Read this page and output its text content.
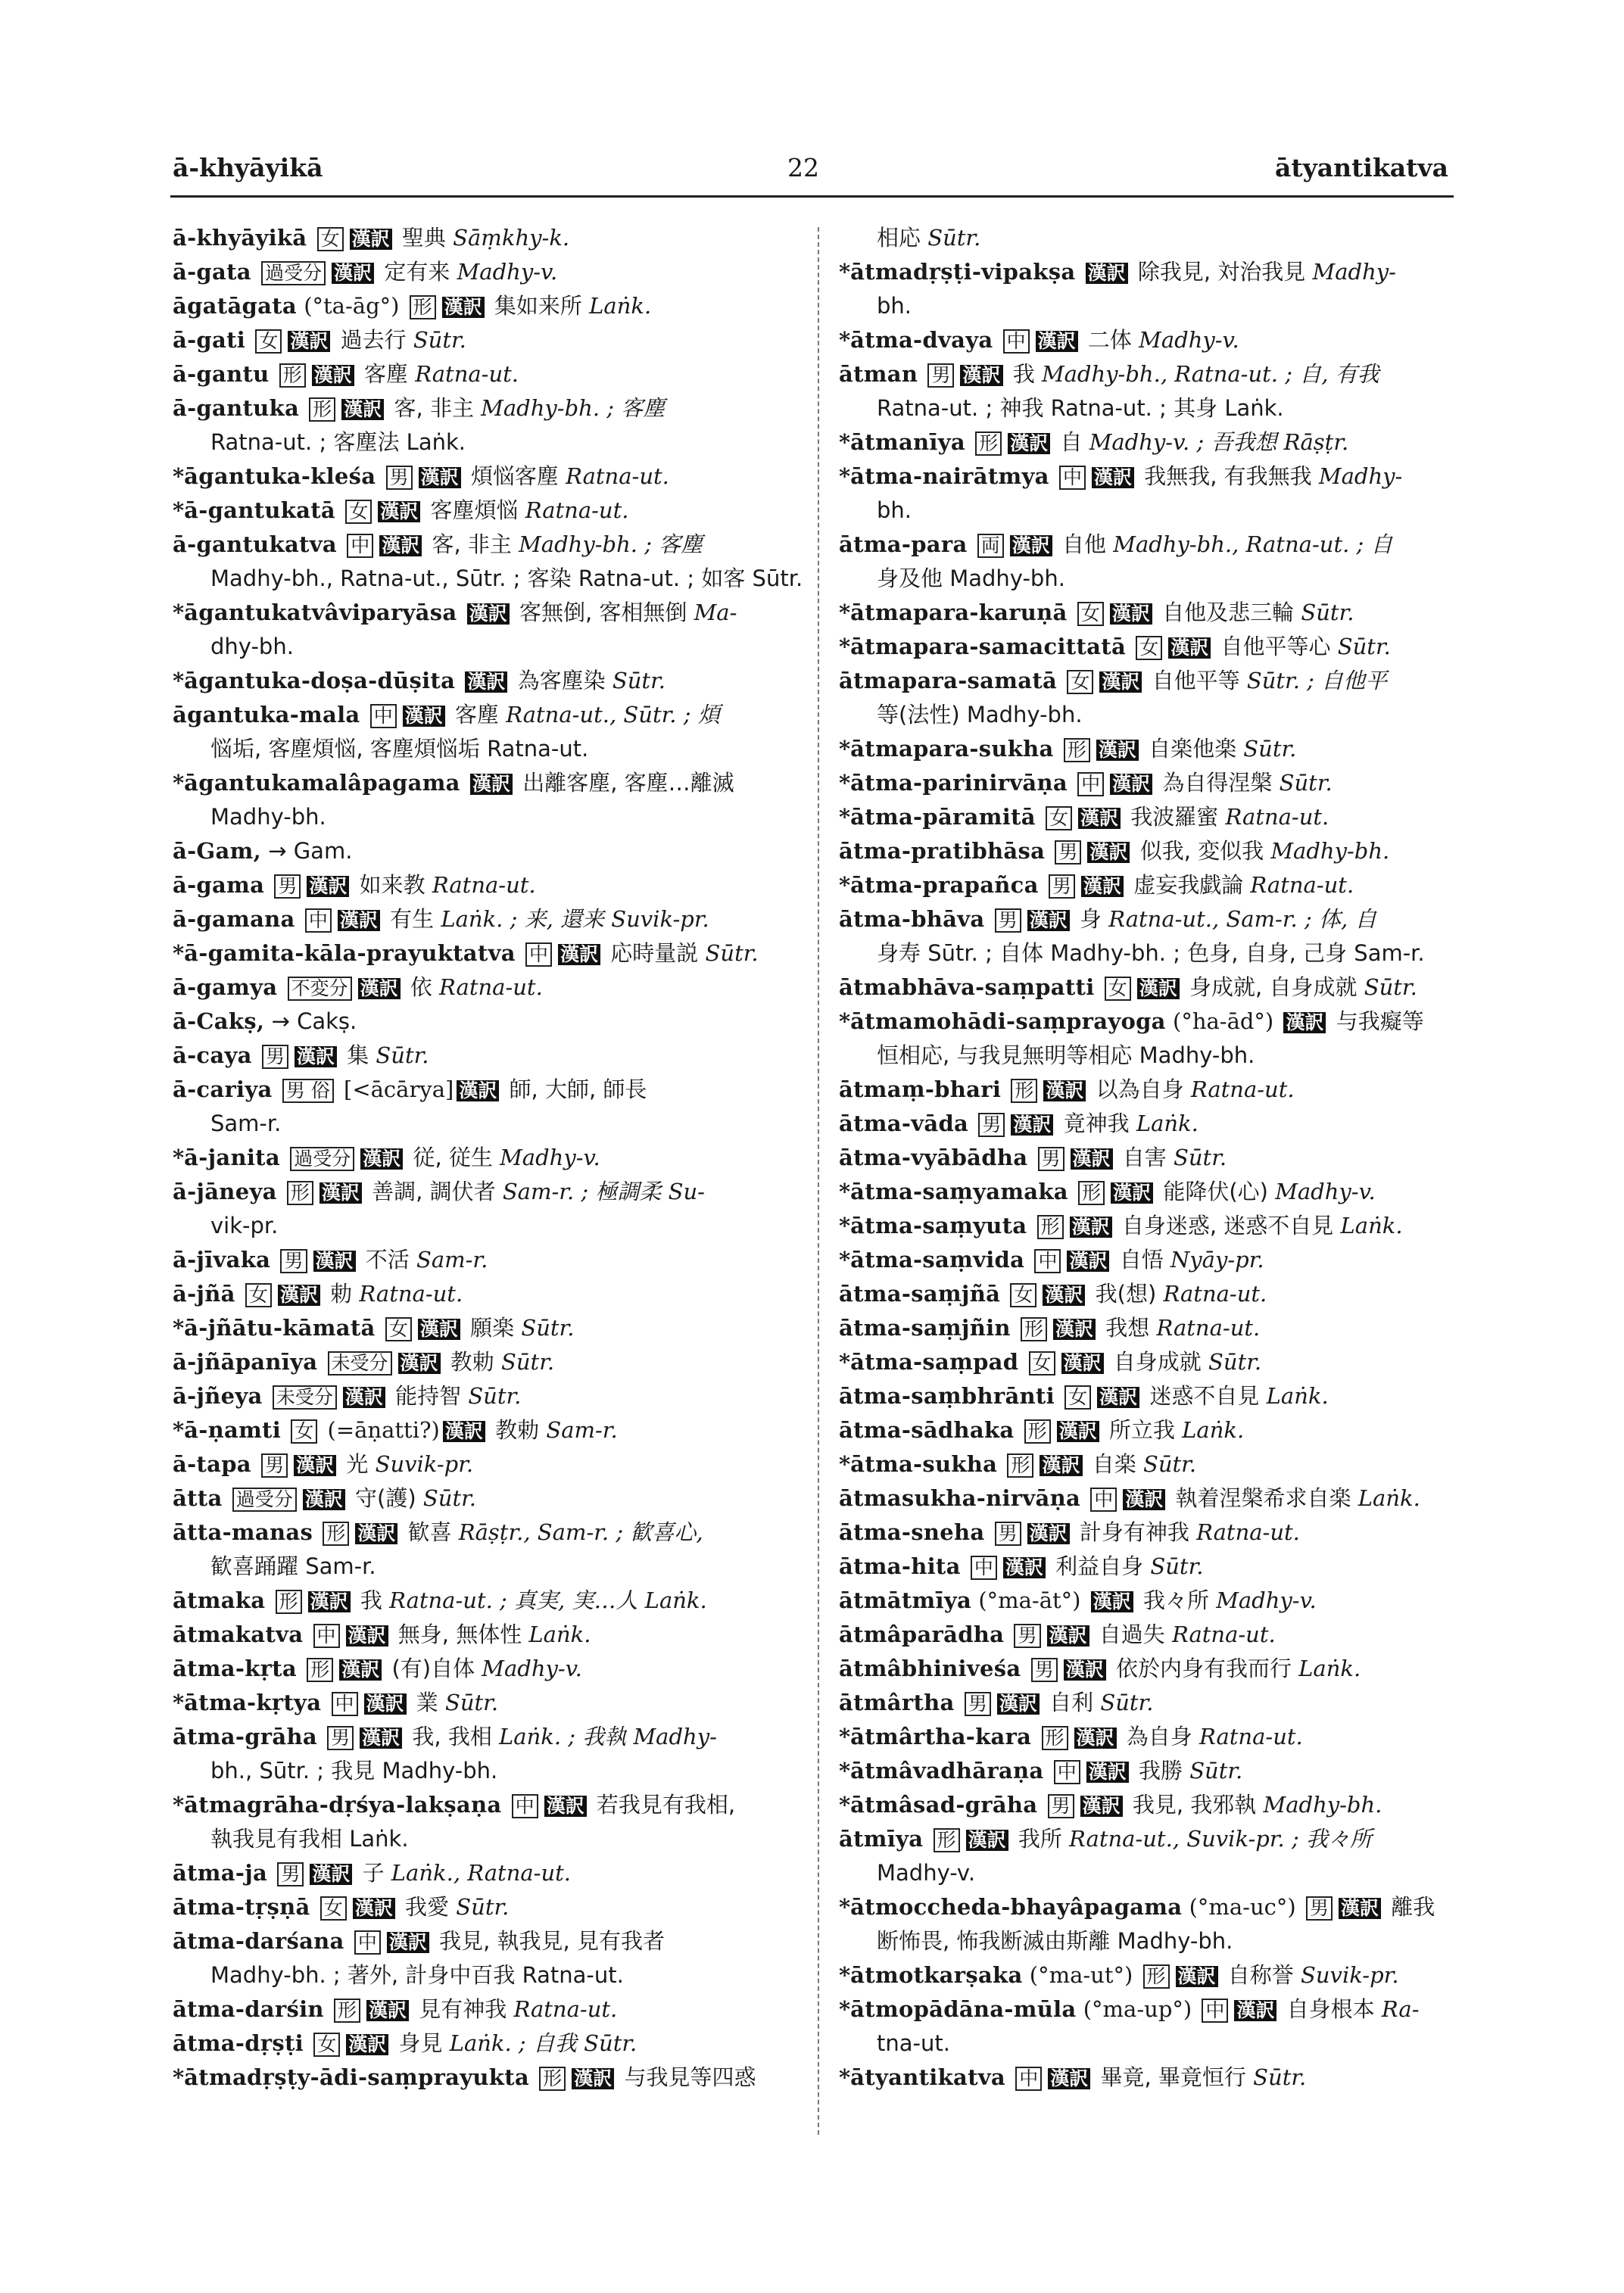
ā-khyāyikā	22	ātyantikatva
ā-khyāyikā 女 漢訳 聖典 Sāṃkhy-k.
ā-gata 過受分 漢訳 定有来 Madhy-v.
āgatāgata (°ta-āg°) 形 漢訳 集如来所 Laṅk.
ā-gati 女 漢訳 過去行 Sūtr.
ā-gantu 形 漢訳 客塵 Ratna-ut.
ā-gantuka 形 漢訳 客, 非主 Madhy-bh. ; 客塵
Ratna-ut. ; 客塵法 Laṅk.
*āgantuka-kleśa 男 漢訳 煩悩客塵 Ratna-ut.
*ā-gantukatā 女 漢訳 客塵煩悩 Ratna-ut.
ā-gantukatva 中 漢訳 客, 非主 Madhy-bh. ; 客塵
Madhy-bh., Ratna-ut., Sūtr. ; 客染 Ratna-ut. ; 如客 Sūtr.
*āgantukatvâviparyāsa 漢訳 客無倒, 客相無倒 Ma-
dhy-bh.
*āgantuka-doṣa-dūṣita 漢訳 為客塵染 Sūtr.
āgantuka-mala 中 漢訳 客塵 Ratna-ut., Sūtr. ; 煩
悩垢, 客塵煩悩, 客塵煩悩垢 Ratna-ut.
*āgantukamalâpagama 漢訳 出離客塵, 客塵…離滅
Madhy-bh.
ā-Gam, → Gam.
ā-gama 男 漢訳 如来教 Ratna-ut.
ā-gamana 中 漢訳 有生 Laṅk. ; 来, 還来 Suvik-pr.
*ā-gamita-kāla-prayuktatva 中 漢訳 応時量説 Sūtr.
ā-gamya 不変分 漢訳 依 Ratna-ut.
ā-Cakṣ, → Cakṣ.
ā-caya 男 漢訳 集 Sūtr.
ā-cariya 男 俗 [<ācārya] 漢訳 師, 大師, 師長
Sam-r.
*ā-janita 過受分 漢訳 従, 従生 Madhy-v.
ā-jāneya 形 漢訳 善調, 調伏者 Sam-r. ; 極調柔 Su-
vik-pr.
ā-jīvaka 男 漢訳 不活 Sam-r.
ā-jñā 女 漢訳 勅 Ratna-ut.
*ā-jñātu-kāmatā 女 漢訳 願楽 Sūtr.
ā-jñāpanīya 未受分 漢訳 教勅 Sūtr.
ā-jñeya 未受分 漢訳 能持智 Sūtr.
*ā-ṇamti 女 (=āṇatti?) 漢訳 教勅 Sam-r.
ā-tapa 男 漢訳 光 Suvik-pr.
ātta 過受分 漢訳 守(護) Sūtr.
ātta-manas 形 漢訳 歓喜 Rāṣṭr., Sam-r. ; 歓喜心,
歓喜踊躍 Sam-r.
ātmaka 形 漢訳 我 Ratna-ut. ; 真実, 実…人 Laṅk.
ātmakatva 中 漢訳 無身, 無体性 Laṅk.
ātma-kṛta 形 漢訳 (有)自体 Madhy-v.
*ātma-kṛtya 中 漢訳 業 Sūtr.
ātma-grāha 男 漢訳 我, 我相 Laṅk. ; 我執 Madhy-
bh., Sūtr. ; 我見 Madhy-bh.
*ātmagrāha-dṛśya-lakṣaṇa 中 漢訳 若我見有我相,
執我見有我相 Laṅk.
ātma-ja 男 漢訳 子 Laṅk., Ratna-ut.
ātma-tṛṣṇā 女 漢訳 我愛 Sūtr.
ātma-darśana 中 漢訳 我見, 執我見, 見有我者
Madhy-bh. ; 著外, 計身中百我 Ratna-ut.
ātma-darśin 形 漢訳 見有神我 Ratna-ut.
ātma-dṛṣṭi 女 漢訳 身見 Laṅk. ; 自我 Sūtr.
*ātmadṛṣṭy-ādi-saṃprayukta 形 漢訳 与我見等四惑
相応 Sūtr.
*ātmadṛṣṭi-vipakṣa 漢訳 除我見, 対治我見 Madhy-
bh.
*ātma-dvaya 中 漢訳 二体 Madhy-v.
ātman 男 漢訳 我 Madhy-bh., Ratna-ut. ; 自, 有我
Ratna-ut. ; 神我 Ratna-ut. ; 其身 Laṅk.
*ātmanīya 形 漢訳 自 Madhy-v. ; 吾我想 Rāṣṭr.
*ātma-nairātmya 中 漢訳 我無我, 有我無我 Madhy-
bh.
ātma-para 両 漢訳 自他 Madhy-bh., Ratna-ut. ; 自
身及他 Madhy-bh.
*ātmapara-karuṇā 女 漢訳 自他及悲三輪 Sūtr.
*ātmapara-samacittatā 女 漢訳 自他平等心 Sūtr.
ātmapara-samatā 女 漢訳 自他平等 Sūtr. ; 自他平
等(法性) Madhy-bh.
*ātmapara-sukha 形 漢訳 自楽他楽 Sūtr.
*ātma-parinirvāṇa 中 漢訳 為自得涅槃 Sūtr.
*ātma-pāramitā 女 漢訳 我波羅蜜 Ratna-ut.
ātma-pratibhāsa 男 漢訳 似我, 変似我 Madhy-bh.
*ātma-prapañca 男 漢訳 虚妄我戯論 Ratna-ut.
ātma-bhāva 男 漢訳 身 Ratna-ut., Sam-r. ; 体, 自
身寿 Sūtr. ; 自体 Madhy-bh. ; 色身, 自身, 己身 Sam-r.
ātmabhāva-saṃpatti 女 漢訳 身成就, 自身成就 Sūtr.
*ātmamohādi-saṃprayoga (°ha-ād°) 漢訳 与我癡等
恒相応, 与我見無明等相応 Madhy-bh.
ātmaṃ-bhari 形 漢訳 以為自身 Ratna-ut.
ātma-vāda 男 漢訳 竟神我 Laṅk.
ātma-vyābādha 男 漢訳 自害 Sūtr.
*ātma-saṃyamaka 形 漢訳 能降伏(心) Madhy-v.
*ātma-saṃyuta 形 漢訳 自身迷惑, 迷惑不自見 Laṅk.
*ātma-saṃvida 中 漢訳 自悟 Nyāy-pr.
ātma-saṃjñā 女 漢訳 我(想) Ratna-ut.
ātma-saṃjñin 形 漢訳 我想 Ratna-ut.
*ātma-saṃpad 女 漢訳 自身成就 Sūtr.
ātma-saṃbhrānti 女 漢訳 迷惑不自見 Laṅk.
ātma-sādhaka 形 漢訳 所立我 Laṅk.
*ātma-sukha 形 漢訳 自楽 Sūtr.
ātmasukha-nirvāṇa 中 漢訳 執着涅槃希求自楽 Laṅk.
ātma-sneha 男 漢訳 計身有神我 Ratna-ut.
ātma-hita 中 漢訳 利益自身 Sūtr.
ātmātmīya (°ma-āt°) 漢訳 我々所 Madhy-v.
ātmâparādha 男 漢訳 自過失 Ratna-ut.
ātmâbhiniveśa 男 漢訳 依於内身有我而行 Laṅk.
ātmârtha 男 漢訳 自利 Sūtr.
*ātmârtha-kara 形 漢訳 為自身 Ratna-ut.
*ātmâvadhāraṇa 中 漢訳 我勝 Sūtr.
*ātmâsad-grāha 男 漢訳 我見, 我邪執 Madhy-bh.
ātmīya 形 漢訳 我所 Ratna-ut., Suvik-pr. ; 我々所
Madhy-v.
*ātmoccheda-bhayâpagama (°ma-uc°) 男 漢訳 離我
断怖畏, 怖我断滅由斯離 Madhy-bh.
*ātmotkarṣaka (°ma-ut°) 形 漢訳 自称誉 Suvik-pr.
*ātmopādāna-mūla (°ma-up°) 中 漢訳 自身根本 Ra-
tna-ut.
*ātyantikatva 中 漢訳 畢竟, 畢竟恒行 Sūtr.
